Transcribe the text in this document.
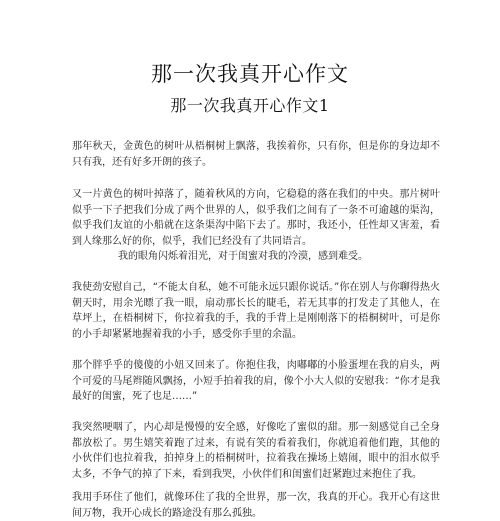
那一次我真开心作文
那一次我真开心作文1
那年秋天，金黄色的树叶从梧桐树上飘落，我挨着你，只有你，但是你的身边却不只有我，还有好多开朗的孩子。
又一片黄色的树叶掉落了，随着秋风的方向，它稳稳的落在我们的中央。那片树叶似乎一下子把我们分成了两个世界的人，似乎我们之间有了一条不可逾越的渠沟，似乎我们友谊的小船就在这条渠沟中陷下去了。那时，我还小，任性却又害羞，看到人缘那么好的你，似乎，我们已经没有了共同语言。
我的眼角闪烁着泪光，对于闺蜜对我的冷漠，感到难受。
我使劲安慰自己，“不能太自私，她不可能永远只跟你说话。”你在别人与你聊得热火朝天时，用余光瞟了我一眼，扇动那长长的睫毛，若无其事的打发走了其他人，在草坪上，在梧桐树下，你拉着我的手，我的手背上是刚刚落下的梧桐树叶，可是你的小手却紧紧地握着我的小手，感受你手里的余温。
那个胖乎乎的傻傻的小妞又回来了。你抱住我，肉嘟嘟的小脸蛋埋在我的肩头，两个可爱的马尾辫随风飘扬，小短手拍着我的肩，像个小大人似的安慰我：“你才是我最好的闺蜜，死了也足……”
我突然哽咽了，内心却是慢慢的安全感，好像吃了蜜似的甜。那一刻感觉自己全身都放松了。男生嬉笑着跑了过来，有说有笑的看着我们，你就追着他们跑，其他的小伙伴们也拉着我，拍掉身上的梧桐树叶，拉着我在操场上嬉闹，眼中的泪水似乎太多，不争气的掉了下来，看到我哭，小伙伴们和闺蜜们赶紧跑过来抱住了我。
我用手环住了他们，就像环住了我的全世界，那一次，我真的开心。我开心有这世间万物，我开心成长的路途没有那么孤独。
